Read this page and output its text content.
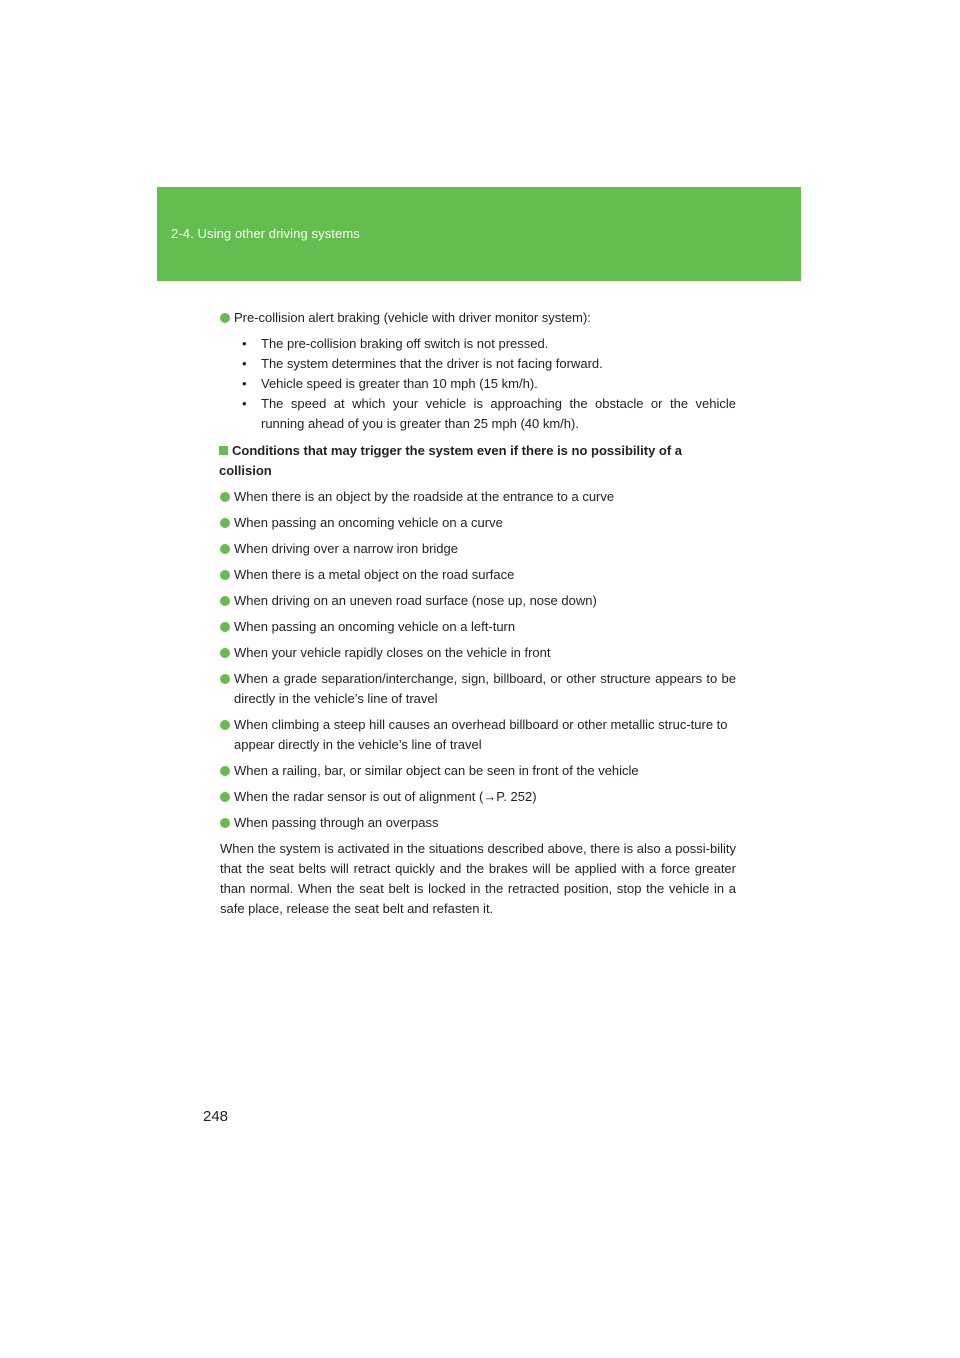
2-4. Using other driving systems
Pre-collision alert braking (vehicle with driver monitor system):
• The pre-collision braking off switch is not pressed.
• The system determines that the driver is not facing forward.
• Vehicle speed is greater than 10 mph (15 km/h).
• The speed at which your vehicle is approaching the obstacle or the vehicle running ahead of you is greater than 25 mph (40 km/h).
Conditions that may trigger the system even if there is no possibility of a collision
When there is an object by the roadside at the entrance to a curve
When passing an oncoming vehicle on a curve
When driving over a narrow iron bridge
When there is a metal object on the road surface
When driving on an uneven road surface (nose up, nose down)
When passing an oncoming vehicle on a left-turn
When your vehicle rapidly closes on the vehicle in front
When a grade separation/interchange, sign, billboard, or other structure appears to be directly in the vehicle’s line of travel
When climbing a steep hill causes an overhead billboard or other metallic struc-ture to appear directly in the vehicle’s line of travel
When a railing, bar, or similar object can be seen in front of the vehicle
When the radar sensor is out of alignment (→P. 252)
When passing through an overpass

When the system is activated in the situations described above, there is also a possi-bility that the seat belts will retract quickly and the brakes will be applied with a force greater than normal. When the seat belt is locked in the retracted position, stop the vehicle in a safe place, release the seat belt and refasten it.

248
